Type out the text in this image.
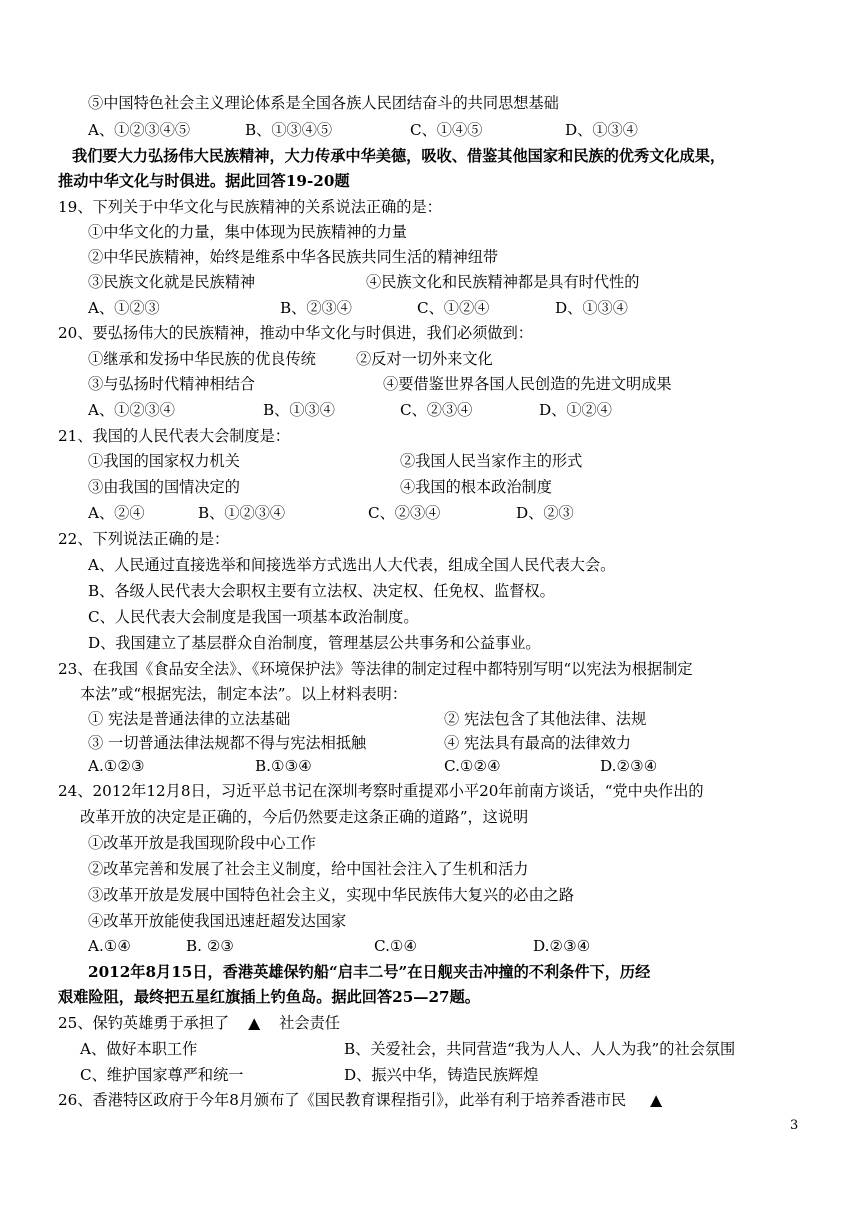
⑤中国特色社会主义理论体系是全国各族人民团结奋斗的共同思想基础
A、①②③④⑤	B、①③④⑤	C、①④⑤	D、①③④
我们要大力弘扬伟大民族精神，大力传承中华美德，吸收、借鉴其他国家和民族的优秀文化成果，
推动中华文化与时俱进。据此回答19-20题
19、下列关于中华文化与民族精神的关系说法正确的是：
①中华文化的力量，集中体现为民族精神的力量
②中华民族精神，始终是维系中华各民族共同生活的精神纽带
③民族文化就是民族精神	④民族文化和民族精神都是具有时代性的
A、①②③	B、②③④	C、①②④	D、①③④
20、要弘扬伟大的民族精神，推动中华文化与时俱进，我们必须做到：
①继承和发扬中华民族的优良传统	②反对一切外来文化
③与弘扬时代精神相结合	④要借鉴世界各国人民创造的先进文明成果
A、①②③④	B、①③④	C、②③④	D、①②④
21、我国的人民代表大会制度是：
①我国的国家权力机关	②我国人民当家作主的形式
③由我国的国情决定的	④我国的根本政治制度
A、②④	B、①②③④	C、②③④	D、②③
22、下列说法正确的是：
A、人民通过直接选举和间接选举方式选出人大代表，组成全国人民代表大会。
B、各级人民代表大会职权主要有立法权、决定权、任免权、监督权。
C、人民代表大会制度是我国一项基本政治制度。
D、我国建立了基层群众自治制度，管理基层公共事务和公益事业。
23、在我国《食品安全法》、《环境保护法》等法律的制定过程中都特别写明“以宪法为根据制定
本法”或“根据宪法，制定本法”。以上材料表明：
① 宪法是普通法律的立法基础	② 宪法包含了其他法律、法规
③ 一切普通法律法规都不得与宪法相抵触	④ 宪法具有最高的法律效力
A.①②③	B.①③④	C.①②④	D.②③④
24、2012年12月8日，习近平总书记在深圳考察时重提邓小平20年前南方谈话，“党中央作出的
改革开放的决定是正确的，今后仍然要走这条正确的道路”，这说明
①改革开放是我国现阶段中心工作
②改革完善和发展了社会主义制度，给中国社会注入了生机和活力
③改革开放是发展中国特色社会主义，实现中华民族伟大复兴的必由之路
④改革开放能使我国迅速赶超发达国家
A.①④	B. ②③	C.①④	D.②③④
2012年8月15日，香港英雄保钓船“启丰二号”在日舰夹击冲撞的不利条件下，历经
艰难险阻，最终把五星红旗插上钓鱼岛。据此回答25—27题。
25、保钓英雄勇于承担了 ▲ 社会责任
A、做好本职工作	B、关爱社会，共同营造“我为人人、人人为我”的社会氛围
C、维护国家尊严和统一	D、振兴中华，铸造民族辉煌
26、香港特区政府于今年8月颁布了《国民教育课程指引》，此举有利于培养香港市民 ▲
3
